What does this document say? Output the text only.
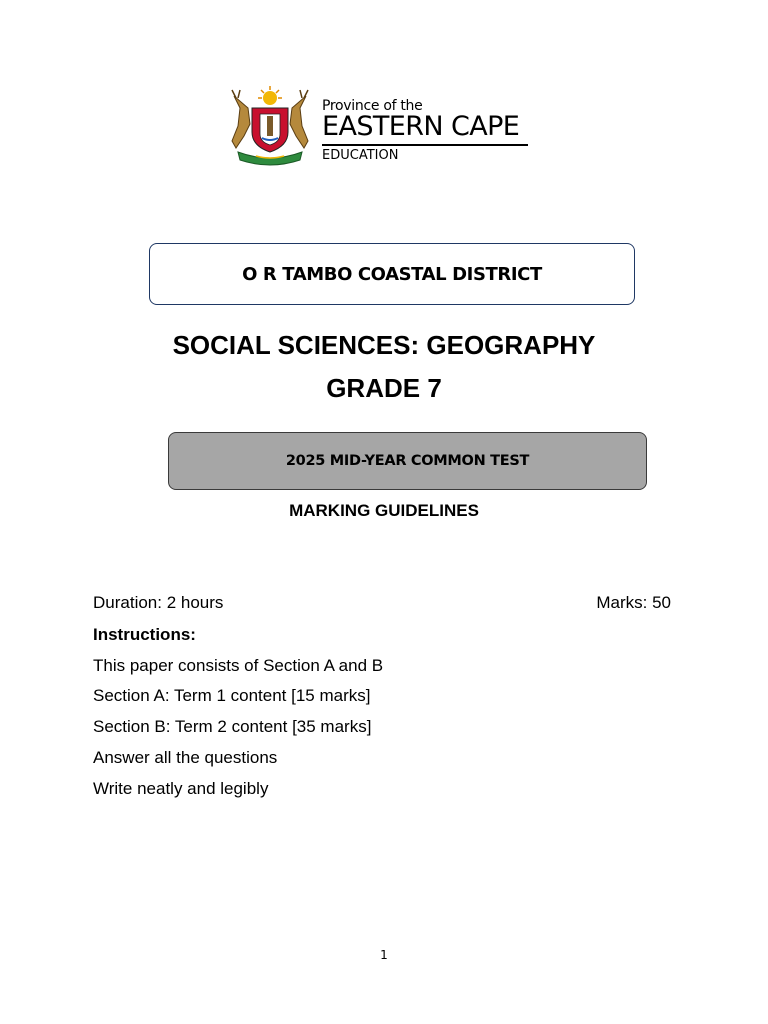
Province of the
EASTERN CAPE
EDUCATION
O R TAMBO COASTAL DISTRICT
SOCIAL SCIENCES: GEOGRAPHY
GRADE 7
2025 MID-YEAR COMMON TEST
MARKING GUIDELINES
Duration: 2 hours	Marks: 50
Instructions:
This paper consists of Section A and B
Section A: Term 1 content [15 marks]
Section B: Term 2 content [35 marks]
Answer all the questions
Write neatly and legibly
1
